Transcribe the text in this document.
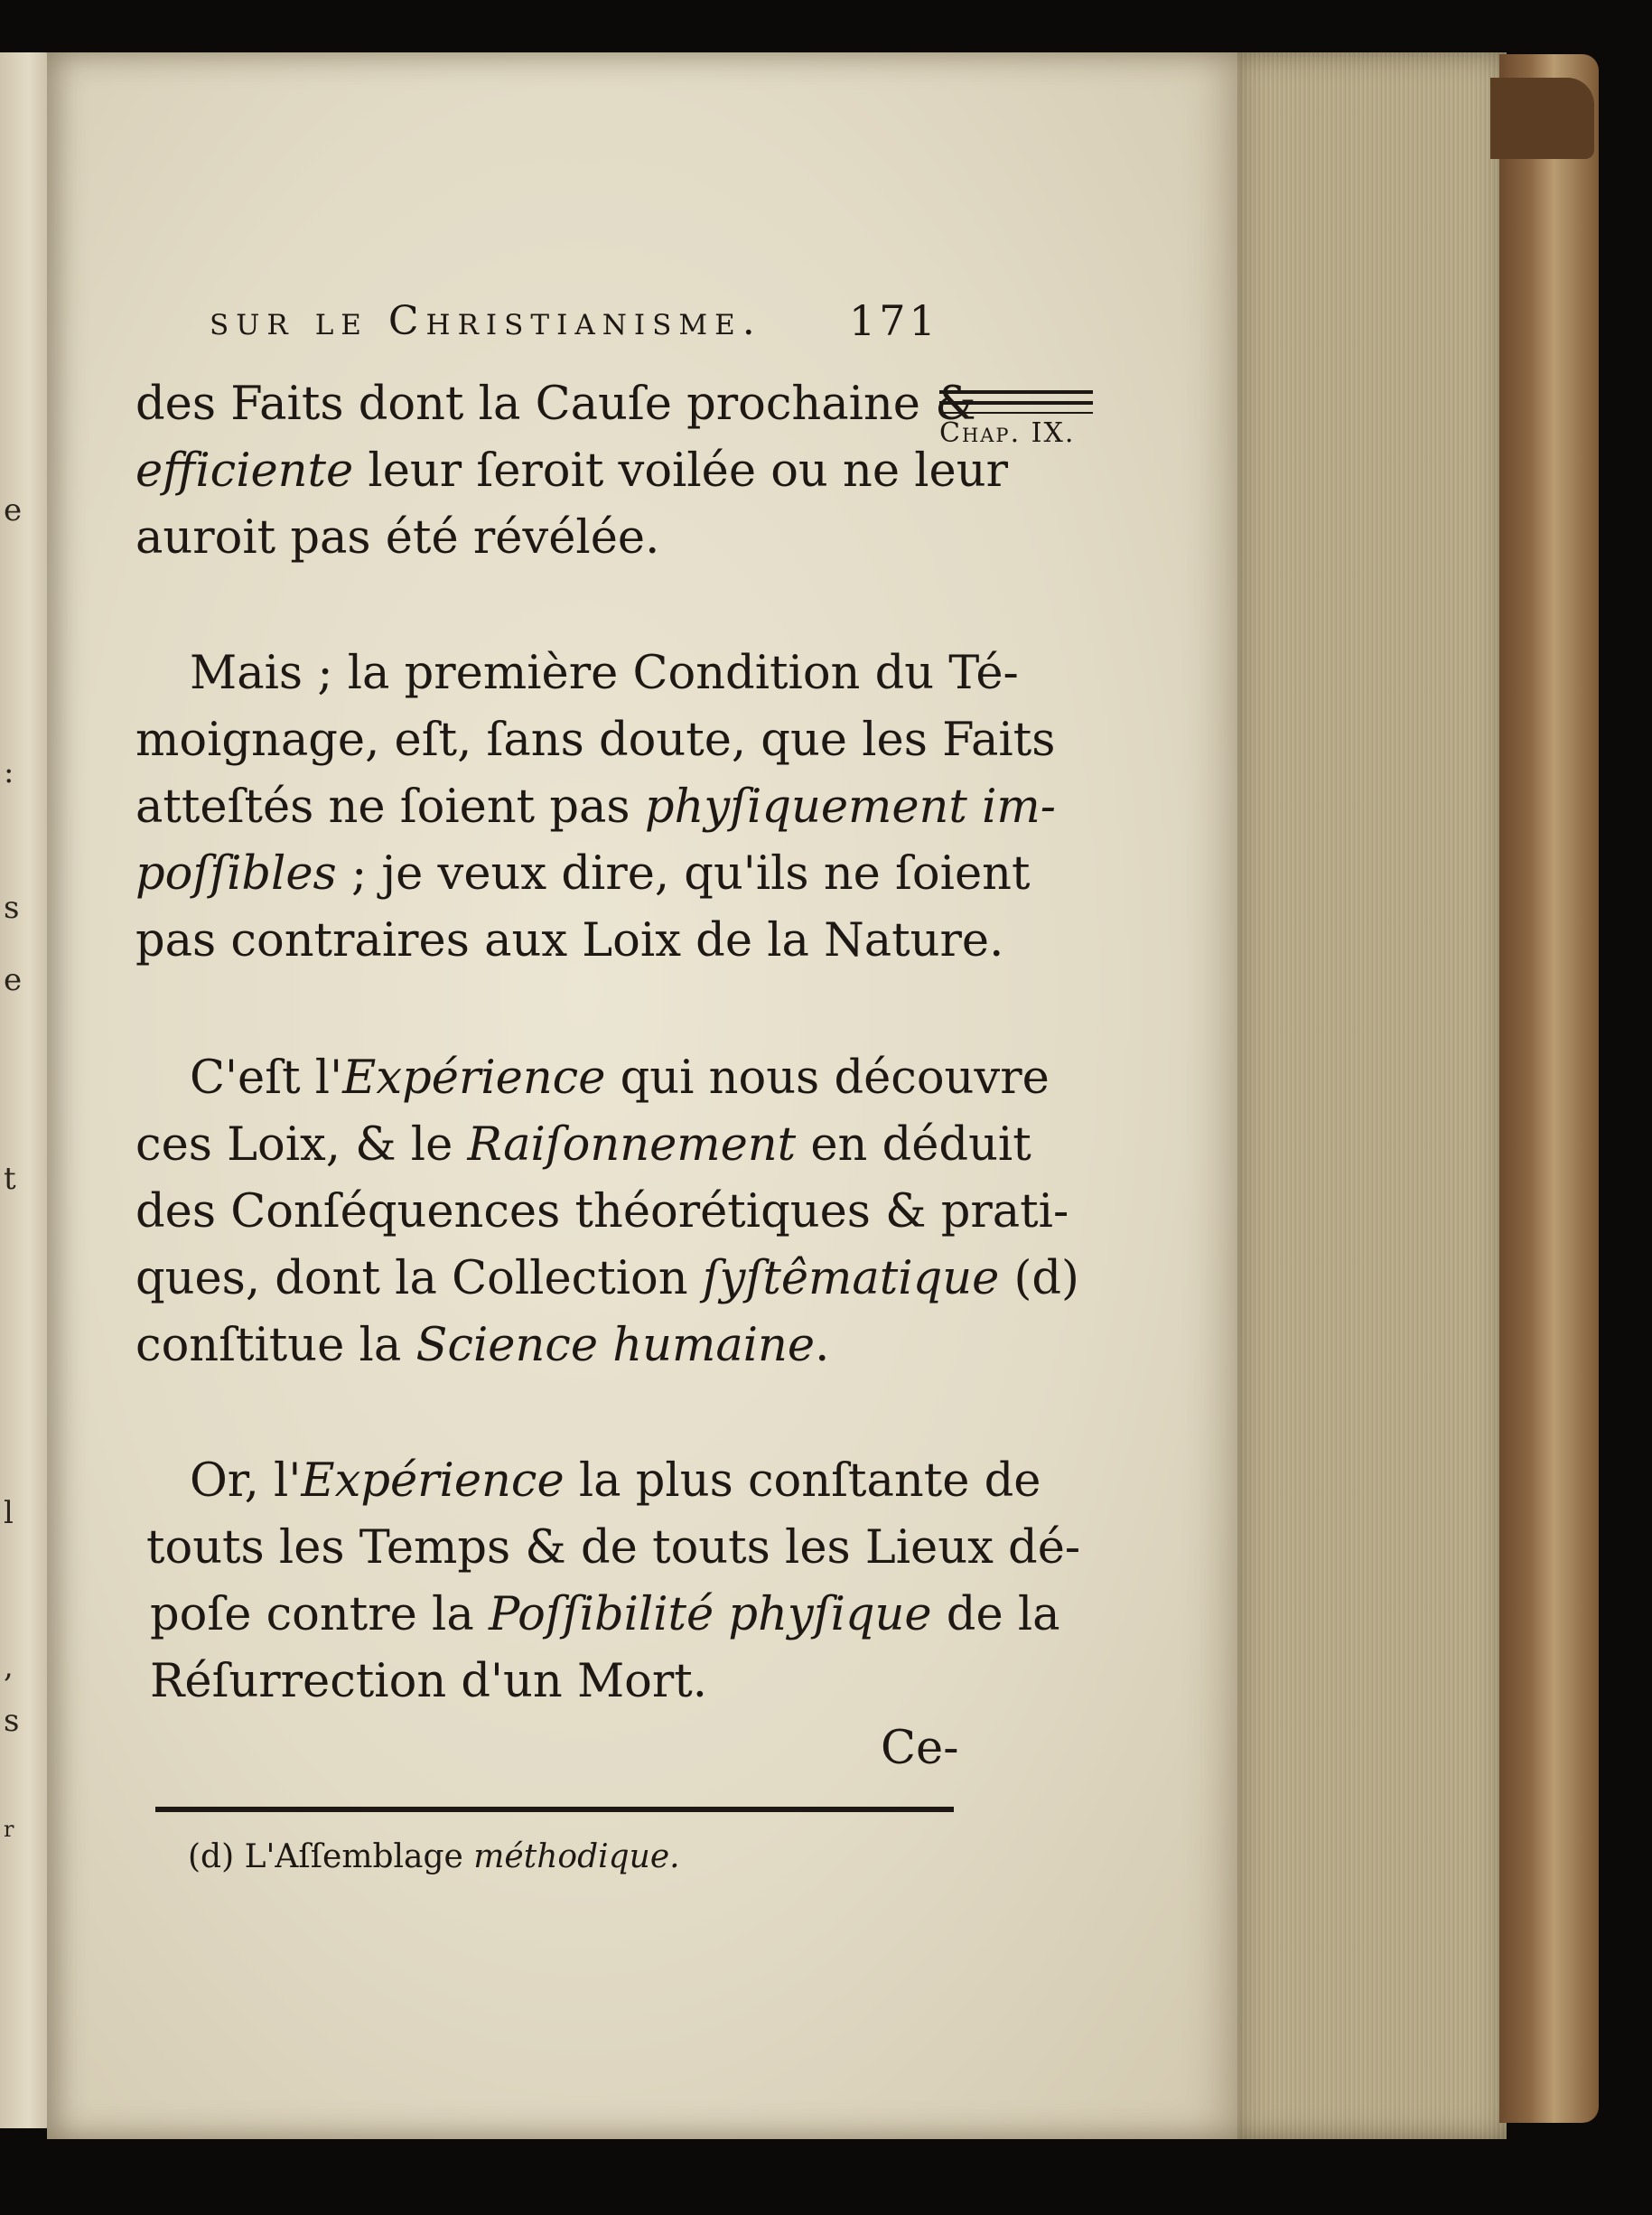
e
:
s
e
t
l
,
s
r
sur le Christianisme. 171
Chap. IX.
des Faits dont la Cauſe prochaine &
efficiente leur ſeroit voilée ou ne leur
auroit pas été révélée.
Mais ; la première Condition du Té-
moignage, eſt, ſans doute, que les Faits
atteſtés ne ſoient pas phyſiquement im-
poſſibles ; je veux dire, qu'ils ne ſoient
pas contraires aux Loix de la Nature.
C'eſt l'Expérience qui nous découvre
ces Loix, & le Raiſonnement en déduit
des Conſéquences théorétiques & prati-
ques, dont la Collection ſyſtêmatique (d)
conſtitue la Science humaine.
Or, l'Expérience la plus conſtante de
touts les Temps & de touts les Lieux dé-
poſe contre la Poſſibilité phyſique de la
Réſurrection d'un Mort.
Ce-
(d) L'Aſſemblage méthodique.
